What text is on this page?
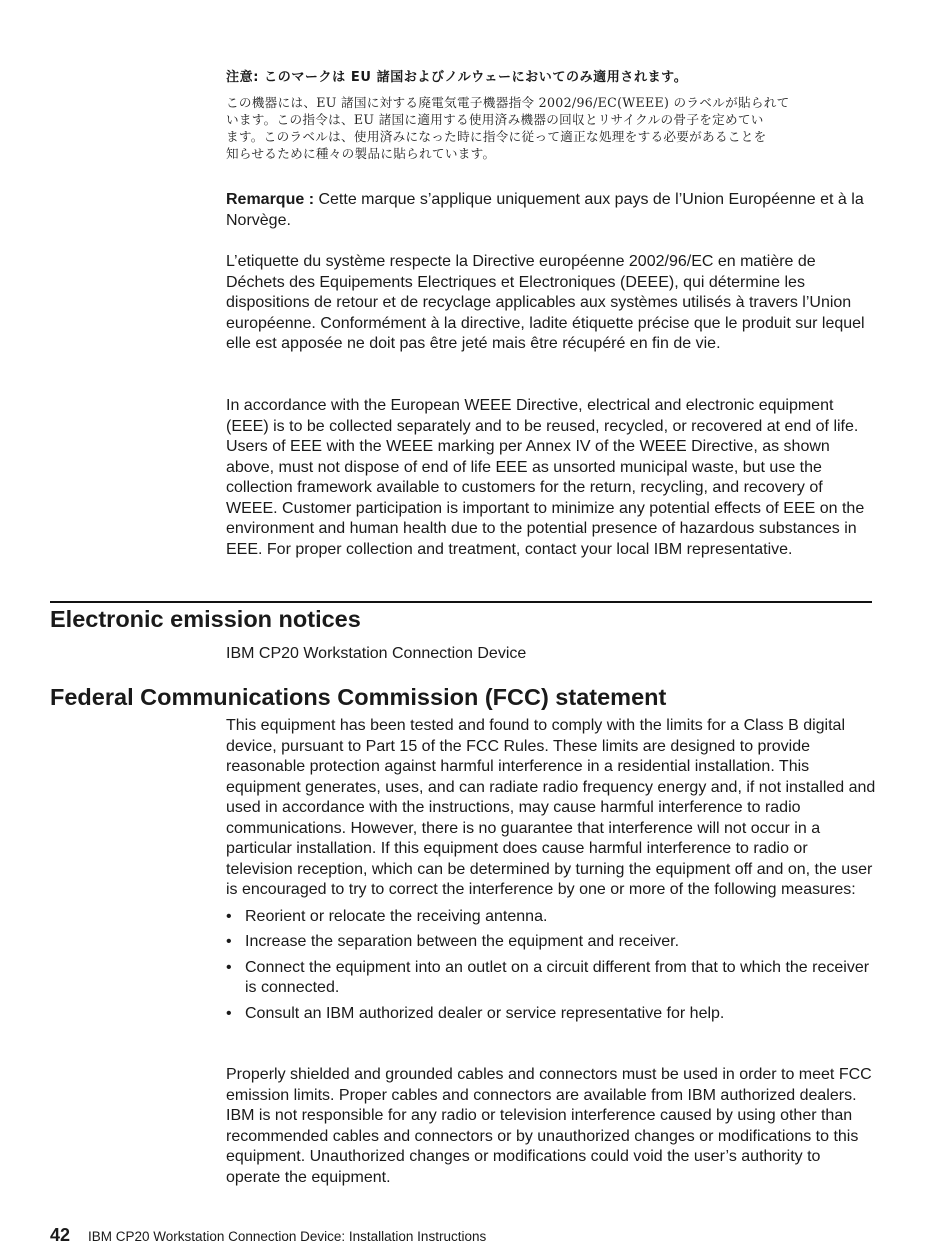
注意: このマークは EU 諸国およびノルウェーにおいてのみ適用されます。
この機器には、EU 諸国に対する廃電気電子機器指令 2002/96/EC(WEEE) のラベルが貼られて
います。この指令は、EU 諸国に適用する使用済み機器の回収とリサイクルの骨子を定めてい
ます。このラベルは、使用済みになった時に指令に従って適正な処理をする必要があることを
知らせるために種々の製品に貼られています。

Remarque : Cette marque s’applique uniquement aux pays de l’Union Européenne et à la Norvège.

L’etiquette du système respecte la Directive européenne 2002/96/EC en matière de Déchets des Equipements Electriques et Electroniques (DEEE), qui détermine les dispositions de retour et de recyclage applicables aux systèmes utilisés à travers l’Union européenne. Conformément à la directive, ladite étiquette précise que le produit sur lequel elle est apposée ne doit pas être jeté mais être récupéré en fin de vie.

In accordance with the European WEEE Directive, electrical and electronic equipment (EEE) is to be collected separately and to be reused, recycled, or recovered at end of life. Users of EEE with the WEEE marking per Annex IV of the WEEE Directive, as shown above, must not dispose of end of life EEE as unsorted municipal waste, but use the collection framework available to customers for the return, recycling, and recovery of WEEE. Customer participation is important to minimize any potential effects of EEE on the environment and human health due to the potential presence of hazardous substances in EEE. For proper collection and treatment, contact your local IBM representative.

Electronic emission notices

IBM CP20 Workstation Connection Device

Federal Communications Commission (FCC) statement

This equipment has been tested and found to comply with the limits for a Class B digital device, pursuant to Part 15 of the FCC Rules. These limits are designed to provide reasonable protection against harmful interference in a residential installation. This equipment generates, uses, and can radiate radio frequency energy and, if not installed and used in accordance with the instructions, may cause harmful interference to radio communications. However, there is no guarantee that interference will not occur in a particular installation. If this equipment does cause harmful interference to radio or television reception, which can be determined by turning the equipment off and on, the user is encouraged to try to correct the interference by one or more of the following measures:

• Reorient or relocate the receiving antenna.
• Increase the separation between the equipment and receiver.
• Connect the equipment into an outlet on a circuit different from that to which the receiver is connected.
• Consult an IBM authorized dealer or service representative for help.

Properly shielded and grounded cables and connectors must be used in order to meet FCC emission limits. Proper cables and connectors are available from IBM authorized dealers. IBM is not responsible for any radio or television interference caused by using other than recommended cables and connectors or by unauthorized changes or modifications to this equipment. Unauthorized changes or modifications could void the user’s authority to operate the equipment.

42 IBM CP20 Workstation Connection Device: Installation Instructions
